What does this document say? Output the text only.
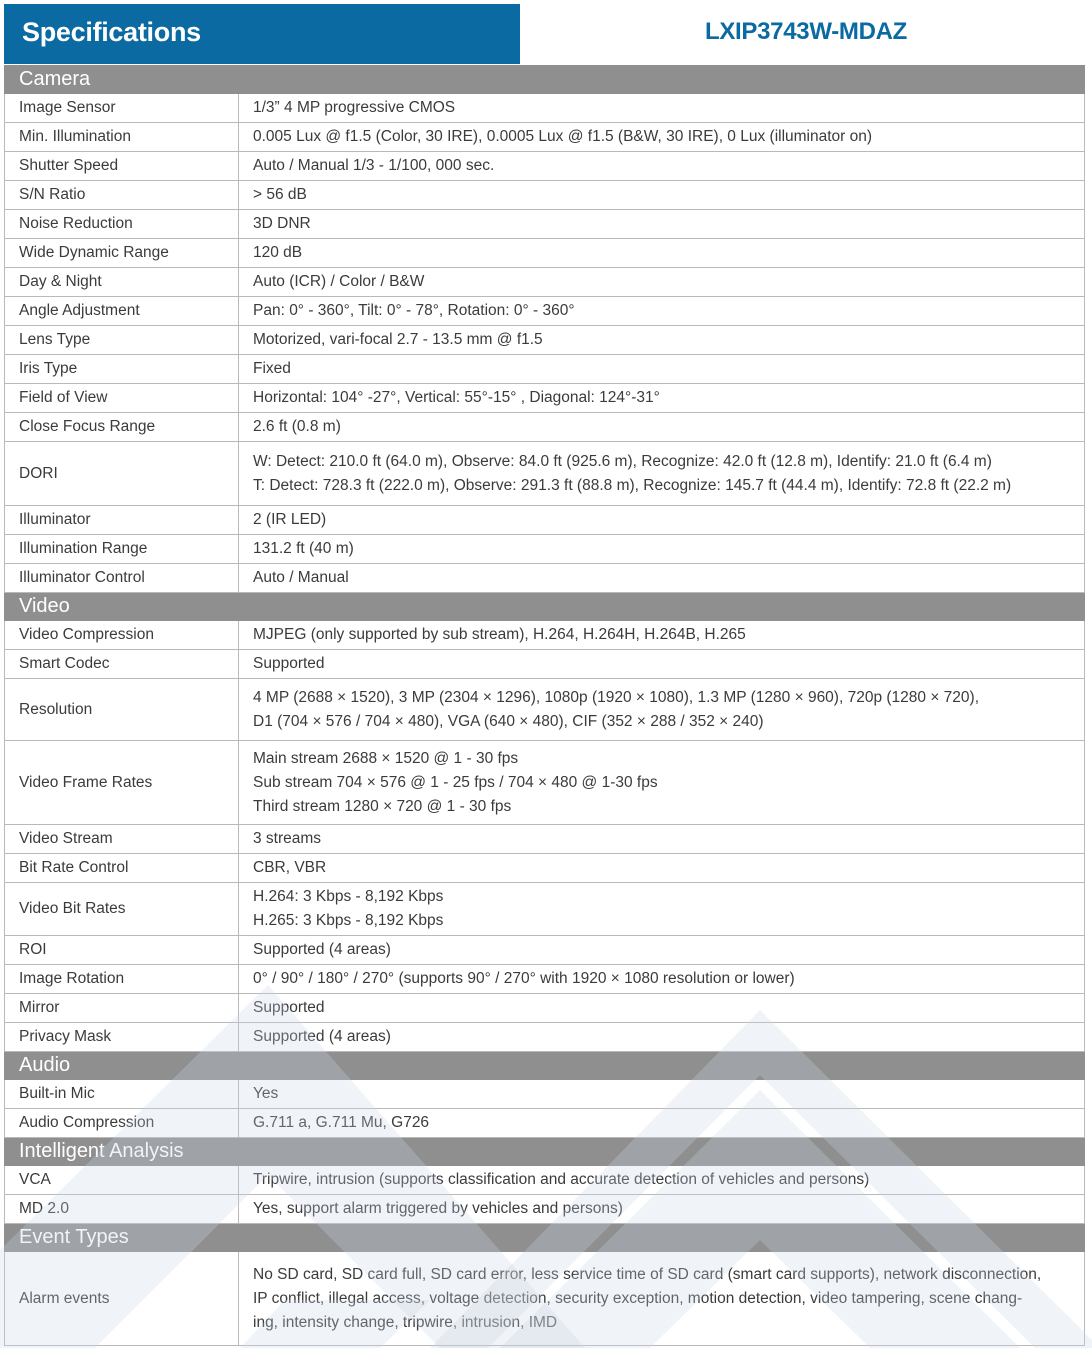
Specifications	LXIP3743W-MDAZ
Camera	
Image Sensor	1/3” 4 MP progressive CMOS
Min. Illumination	0.005 Lux @ f1.5 (Color, 30 IRE), 0.0005 Lux @ f1.5 (B&W, 30 IRE), 0 Lux (illuminator on)
Shutter Speed	Auto / Manual 1/3 - 1/100, 000 sec.
S/N Ratio	> 56 dB
Noise Reduction	3D DNR
Wide Dynamic Range	120 dB
Day & Night	Auto (ICR) / Color / B&W
Angle Adjustment	Pan: 0° - 360°, Tilt: 0° - 78°, Rotation: 0° - 360°
Lens Type	Motorized, vari-focal 2.7 - 13.5 mm @ f1.5
Iris Type	Fixed
Field of View	Horizontal: 104° -27°, Vertical: 55°-15° , Diagonal: 124°-31°
Close Focus Range	2.6 ft (0.8 m)
DORI	W: Detect: 210.0 ft (64.0 m), Observe: 84.0 ft (925.6 m), Recognize: 42.0 ft (12.8 m), Identify: 21.0 ft (6.4 m)
T: Detect: 728.3 ft (222.0 m), Observe: 291.3 ft (88.8 m), Recognize: 145.7 ft (44.4 m), Identify: 72.8 ft (22.2 m)
Illuminator	2 (IR LED)
Illumination Range	131.2 ft (40 m)
Illuminator Control	Auto / Manual
Video	
Video Compression	MJPEG (only supported by sub stream), H.264, H.264H, H.264B, H.265
Smart Codec	Supported
Resolution	4 MP (2688 × 1520), 3 MP (2304 × 1296), 1080p (1920 × 1080), 1.3 MP (1280 × 960), 720p (1280 × 720),
D1 (704 × 576 / 704 × 480), VGA (640 × 480), CIF (352 × 288 / 352 × 240)
Video Frame Rates	Main stream 2688 × 1520 @ 1 - 30 fps
Sub stream 704 × 576 @ 1 - 25 fps / 704 × 480 @ 1-30 fps
Third stream 1280 × 720 @ 1 - 30 fps
Video Stream	3 streams
Bit Rate Control	CBR, VBR
Video Bit Rates	H.264: 3 Kbps - 8,192 Kbps
H.265: 3 Kbps - 8,192 Kbps
ROI	Supported (4 areas)
Image Rotation	0° / 90° / 180° / 270° (supports 90° / 270° with 1920 × 1080 resolution or lower)
Mirror	Supported
Privacy Mask	Supported (4 areas)
Audio	
Built-in Mic	Yes
Audio Compression	G.711 a, G.711 Mu, G726
Intelligent Analysis	
VCA	Tripwire, intrusion (supports classification and accurate detection of vehicles and persons)
MD 2.0	Yes, support alarm triggered by vehicles and persons)
Event Types	
Alarm events	No SD card, SD card full, SD card error, less service time of SD card (smart card supports), network disconnection,
IP conflict, illegal access, voltage detection, security exception, motion detection, video tampering, scene chang-
ing, intensity change, tripwire, intrusion, IMD
